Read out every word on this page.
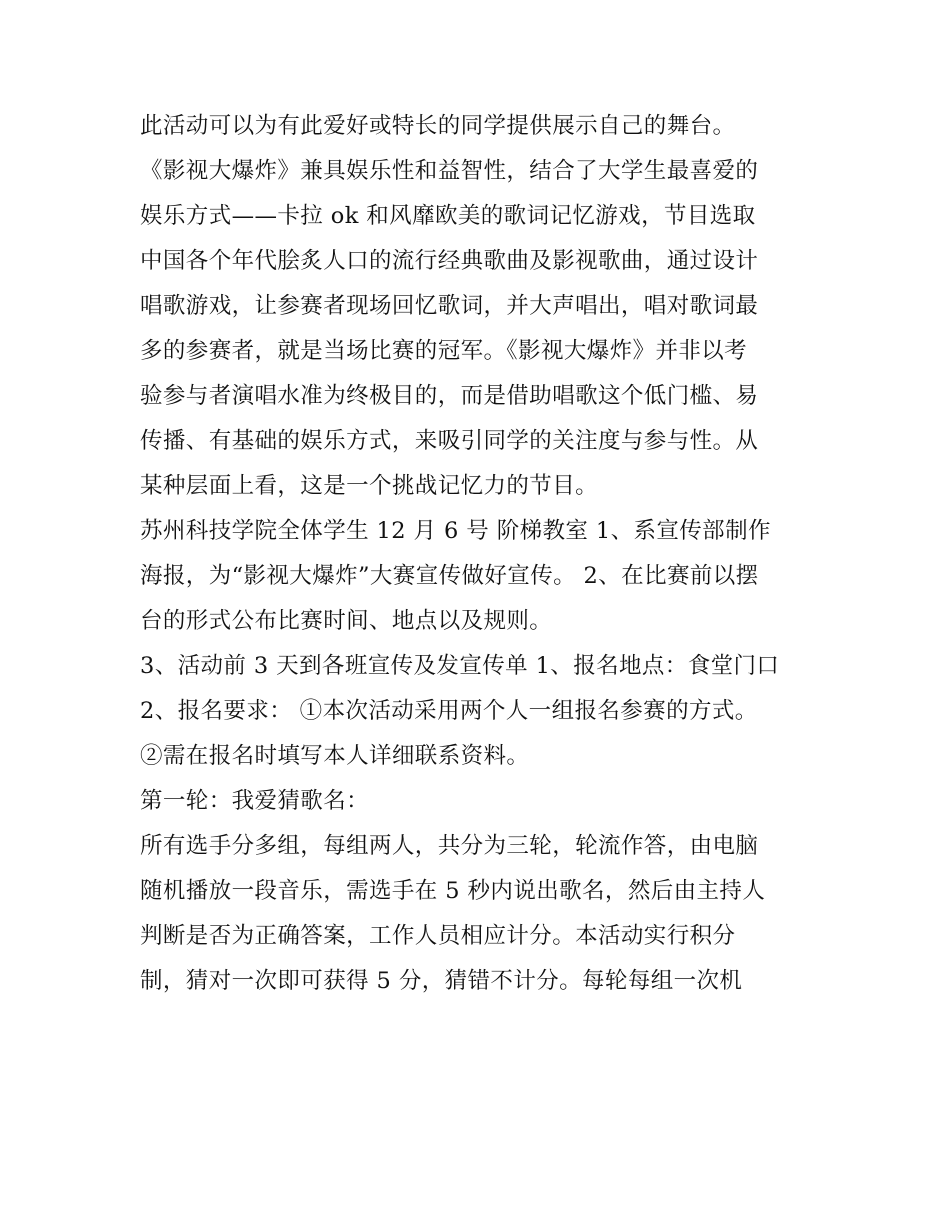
此活动可以为有此爱好或特长的同学提供展示自己的舞台。
《影视大爆炸》兼具娱乐性和益智性，结合了大学生最喜爱的
娱乐方式——卡拉 ok 和风靡欧美的歌词记忆游戏，节目选取
中国各个年代脍炙人口的流行经典歌曲及影视歌曲，通过设计
唱歌游戏，让参赛者现场回忆歌词，并大声唱出，唱对歌词最
多的参赛者，就是当场比赛的冠军。《影视大爆炸》并非以考
验参与者演唱水准为终极目的，而是借助唱歌这个低门槛、易
传播、有基础的娱乐方式，来吸引同学的关注度与参与性。从
某种层面上看，这是一个挑战记忆力的节目。
苏州科技学院全体学生 12 月 6 号 阶梯教室 1、系宣传部制作
海报，为“影视大爆炸”大赛宣传做好宣传。 2、在比赛前以摆
台的形式公布比赛时间、地点以及规则。
3、活动前 3 天到各班宣传及发宣传单 1、报名地点：食堂门口
2、报名要求： ①本次活动采用两个人一组报名参赛的方式。
②需在报名时填写本人详细联系资料。
第一轮：我爱猜歌名：
所有选手分多组，每组两人，共分为三轮，轮流作答，由电脑
随机播放一段音乐，需选手在 5 秒内说出歌名，然后由主持人
判断是否为正确答案，工作人员相应计分。本活动实行积分
制，猜对一次即可获得 5 分，猜错不计分。每轮每组一次机
